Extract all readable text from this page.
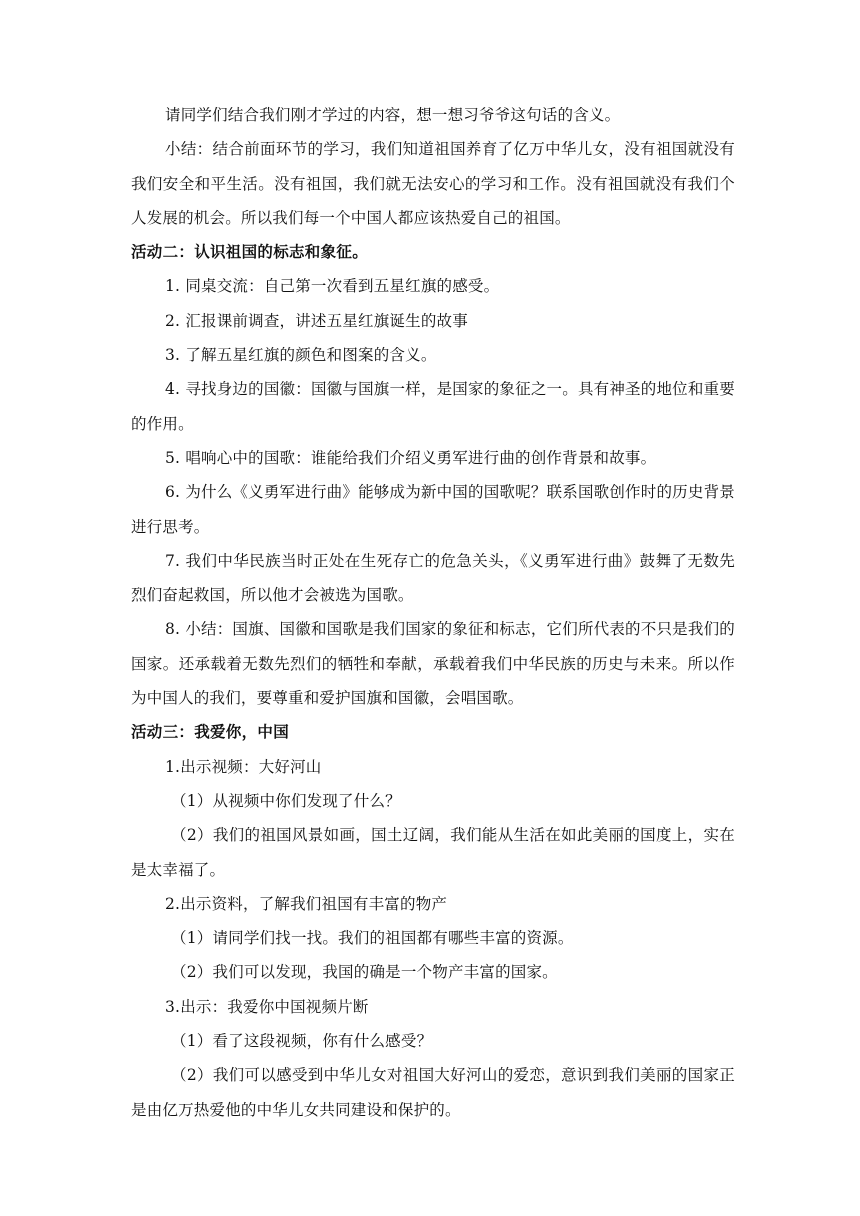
请同学们结合我们刚才学过的内容，想一想习爷爷这句话的含义。

小结：结合前面环节的学习，我们知道祖国养育了亿万中华儿女，没有祖国就没有我们安全和平生活。没有祖国，我们就无法安心的学习和工作。没有祖国就没有我们个人发展的机会。所以我们每一个中国人都应该热爱自己的祖国。

活动二：认识祖国的标志和象征。

1. 同桌交流：自己第一次看到五星红旗的感受。

2. 汇报课前调查，讲述五星红旗诞生的故事

3. 了解五星红旗的颜色和图案的含义。

4. 寻找身边的国徽：国徽与国旗一样，是国家的象征之一。具有神圣的地位和重要的作用。

5. 唱响心中的国歌：谁能给我们介绍义勇军进行曲的创作背景和故事。

6. 为什么《义勇军进行曲》能够成为新中国的国歌呢？联系国歌创作时的历史背景进行思考。

7. 我们中华民族当时正处在生死存亡的危急关头，《义勇军进行曲》鼓舞了无数先烈们奋起救国，所以他才会被选为国歌。

8. 小结：国旗、国徽和国歌是我们国家的象征和标志，它们所代表的不只是我们的国家。还承载着无数先烈们的牺牲和奉献，承载着我们中华民族的历史与未来。所以作为中国人的我们，要尊重和爱护国旗和国徽，会唱国歌。

活动三：我爱你，中国

1.出示视频：大好河山

（1）从视频中你们发现了什么？

（2）我们的祖国风景如画，国土辽阔，我们能从生活在如此美丽的国度上，实在是太幸福了。

2.出示资料，了解我们祖国有丰富的物产

（1）请同学们找一找。我们的祖国都有哪些丰富的资源。

（2）我们可以发现，我国的确是一个物产丰富的国家。

3.出示：我爱你中国视频片断

（1）看了这段视频，你有什么感受？

（2）我们可以感受到中华儿女对祖国大好河山的爱恋，意识到我们美丽的国家正是由亿万热爱他的中华儿女共同建设和保护的。
